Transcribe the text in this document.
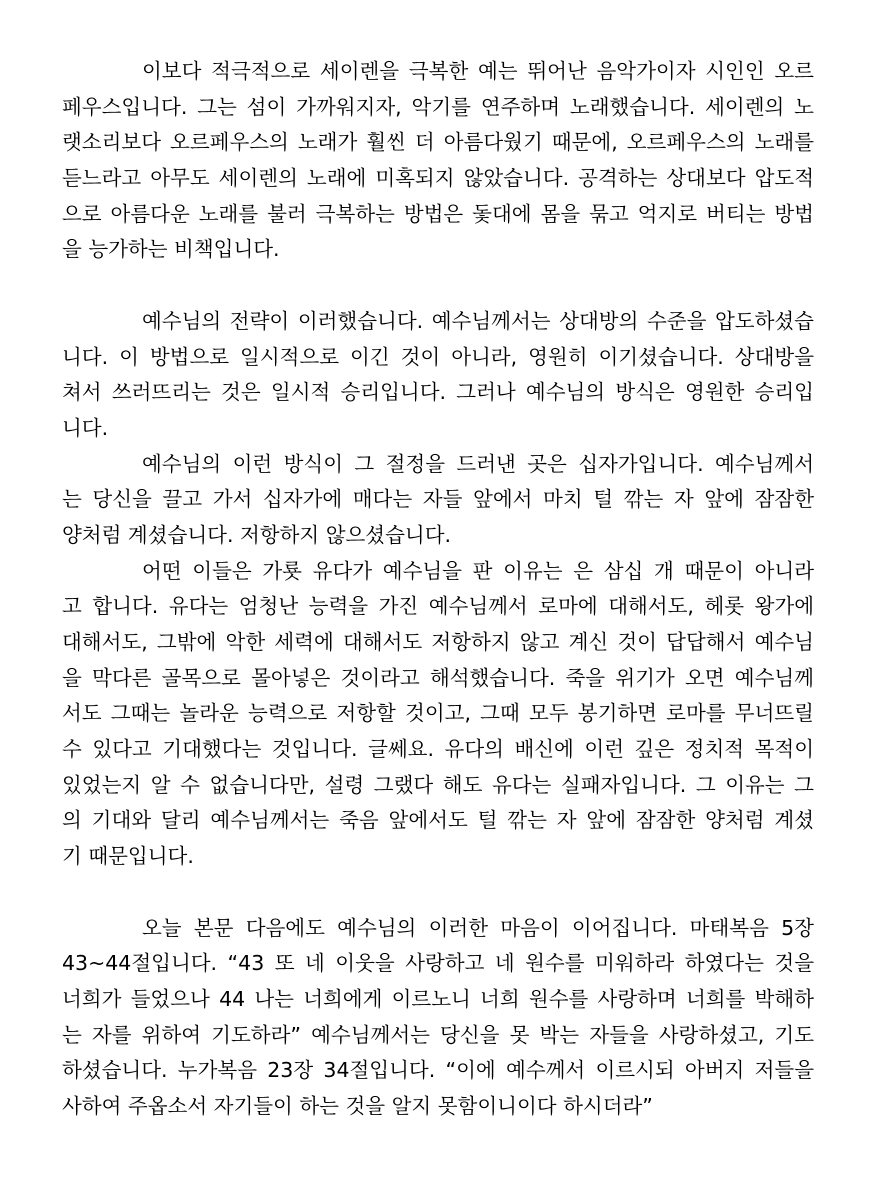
이보다 적극적으로 세이렌을 극복한 예는 뛰어난 음악가이자 시인인 오르
페우스입니다. 그는 섬이 가까워지자, 악기를 연주하며 노래했습니다. 세이렌의 노
랫소리보다 오르페우스의 노래가 훨씬 더 아름다웠기 때문에, 오르페우스의 노래를
듣느라고 아무도 세이렌의 노래에 미혹되지 않았습니다. 공격하는 상대보다 압도적
으로 아름다운 노래를 불러 극복하는 방법은 돛대에 몸을 묶고 억지로 버티는 방법
을 능가하는 비책입니다.
예수님의 전략이 이러했습니다. 예수님께서는 상대방의 수준을 압도하셨습
니다. 이 방법으로 일시적으로 이긴 것이 아니라, 영원히 이기셨습니다. 상대방을
쳐서 쓰러뜨리는 것은 일시적 승리입니다. 그러나 예수님의 방식은 영원한 승리입
니다.
예수님의 이런 방식이 그 절정을 드러낸 곳은 십자가입니다. 예수님께서
는 당신을 끌고 가서 십자가에 매다는 자들 앞에서 마치 털 깎는 자 앞에 잠잠한
양처럼 계셨습니다. 저항하지 않으셨습니다.
어떤 이들은 가룟 유다가 예수님을 판 이유는 은 삼십 개 때문이 아니라
고 합니다. 유다는 엄청난 능력을 가진 예수님께서 로마에 대해서도, 헤롯 왕가에
대해서도, 그밖에 악한 세력에 대해서도 저항하지 않고 계신 것이 답답해서 예수님
을 막다른 골목으로 몰아넣은 것이라고 해석했습니다. 죽을 위기가 오면 예수님께
서도 그때는 놀라운 능력으로 저항할 것이고, 그때 모두 봉기하면 로마를 무너뜨릴
수 있다고 기대했다는 것입니다. 글쎄요. 유다의 배신에 이런 깊은 정치적 목적이
있었는지 알 수 없습니다만, 설령 그랬다 해도 유다는 실패자입니다. 그 이유는 그
의 기대와 달리 예수님께서는 죽음 앞에서도 털 깎는 자 앞에 잠잠한 양처럼 계셨
기 때문입니다.
오늘 본문 다음에도 예수님의 이러한 마음이 이어집니다. 마태복음 5장
43~44절입니다. “43 또 네 이웃을 사랑하고 네 원수를 미워하라 하였다는 것을
너희가 들었으나 44 나는 너희에게 이르노니 너희 원수를 사랑하며 너희를 박해하
는 자를 위하여 기도하라” 예수님께서는 당신을 못 박는 자들을 사랑하셨고, 기도
하셨습니다. 누가복음 23장 34절입니다. “이에 예수께서 이르시되 아버지 저들을
사하여 주옵소서 자기들이 하는 것을 알지 못함이니이다 하시더라”
